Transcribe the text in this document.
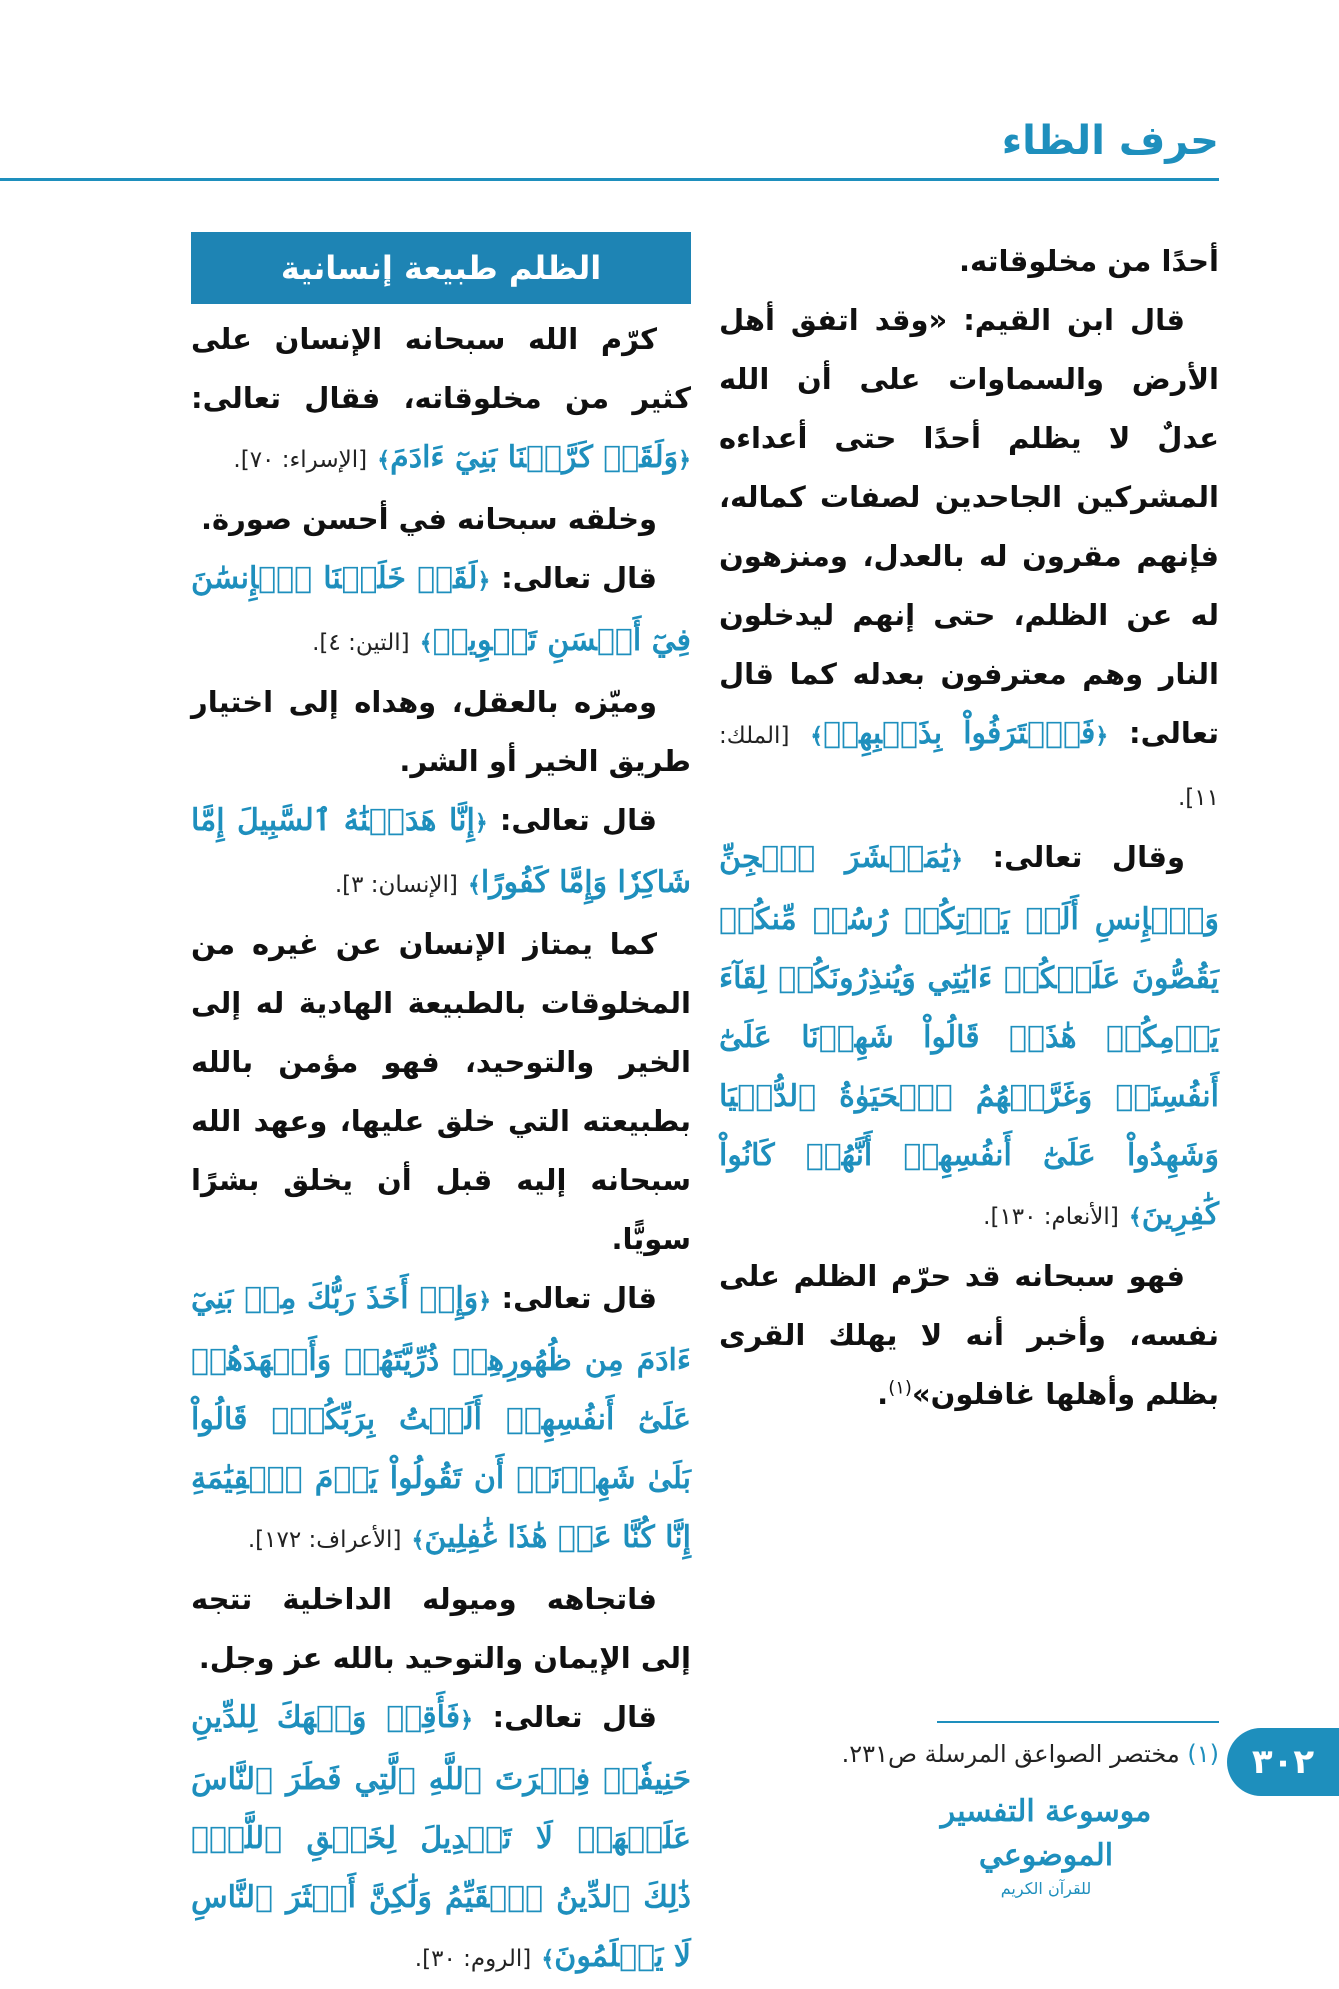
حرف الظاء

أحدًا من مخلوقاته.

قال ابن القيم: «وقد اتفق أهل الأرض والسماوات على أن الله عدلٌ لا يظلم أحدًا حتى أعداءه المشركين الجاحدين لصفات كماله، فإنهم مقرون له بالعدل، ومنزهون له عن الظلم، حتى إنهم ليدخلون النار وهم معترفون بعدله كما قال تعالى: ﴿فَٱعۡتَرَفُواْ بِذَنۢبِهِمۡ﴾ [الملك: ١١].

وقال تعالى: ﴿يَٰمَعۡشَرَ ٱلۡجِنِّ وَٱلۡإِنسِ أَلَمۡ يَأۡتِكُمۡ رُسُلٞ مِّنكُمۡ يَقُصُّونَ عَلَيۡكُمۡ ءَايَٰتِي وَيُنذِرُونَكُمۡ لِقَآءَ يَوۡمِكُمۡ هَٰذَاۚ قَالُواْ شَهِدۡنَا عَلَىٰٓ أَنفُسِنَاۖ وَغَرَّتۡهُمُ ٱلۡحَيَوٰةُ ٱلدُّنۡيَا وَشَهِدُواْ عَلَىٰٓ أَنفُسِهِمۡ أَنَّهُمۡ كَانُواْ كَٰفِرِينَ﴾ [الأنعام: ١٣٠].

فهو سبحانه قد حرّم الظلم على نفسه، وأخبر أنه لا يهلك القرى بظلم وأهلها غافلون»$^{(١)}$.

الظلم طبيعة إنسانية

كرّم الله سبحانه الإنسان على كثير من مخلوقاته، فقال تعالى: ﴿وَلَقَدۡ كَرَّمۡنَا بَنِيٓ ءَادَمَ﴾ [الإسراء: ٧٠].

وخلقه سبحانه في أحسن صورة.

قال تعالى: ﴿لَقَدۡ خَلَقۡنَا ٱلۡإِنسَٰنَ فِيٓ أَحۡسَنِ تَقۡوِيمٖ﴾ [التين: ٤].

وميّزه بالعقل، وهداه إلى اختيار طريق الخير أو الشر.

قال تعالى: ﴿إِنَّا هَدَيۡنَٰهُ ٱلسَّبِيلَ إِمَّا شَاكِرٗا وَإِمَّا كَفُورًا﴾ [الإنسان: ٣].

كما يمتاز الإنسان عن غيره من المخلوقات بالطبيعة الهادية له إلى الخير والتوحيد، فهو مؤمن بالله بطبيعته التي خلق عليها، وعهد الله سبحانه إليه قبل أن يخلق بشرًا سويًّا.

قال تعالى: ﴿وَإِذۡ أَخَذَ رَبُّكَ مِنۢ بَنِيٓ ءَادَمَ مِن ظُهُورِهِمۡ ذُرِّيَّتَهُمۡ وَأَشۡهَدَهُمۡ عَلَىٰٓ أَنفُسِهِمۡ أَلَسۡتُ بِرَبِّكُمۡۖ قَالُواْ بَلَىٰ شَهِدۡنَآۚ أَن تَقُولُواْ يَوۡمَ ٱلۡقِيَٰمَةِ إِنَّا كُنَّا عَنۡ هَٰذَا غَٰفِلِينَ﴾ [الأعراف: ١٧٢].

فاتجاهه وميوله الداخلية تتجه إلى الإيمان والتوحيد بالله عز وجل.

قال تعالى: ﴿فَأَقِمۡ وَجۡهَكَ لِلدِّينِ حَنِيفٗاۚ فِطۡرَتَ ٱللَّهِ ٱلَّتِي فَطَرَ ٱلنَّاسَ عَلَيۡهَاۚ لَا تَبۡدِيلَ لِخَلۡقِ ٱللَّهِۚ ذَٰلِكَ ٱلدِّينُ ٱلۡقَيِّمُ وَلَٰكِنَّ أَكۡثَرَ ٱلنَّاسِ لَا يَعۡلَمُونَ﴾ [الروم: ٣٠].

(١) مختصر الصواعق المرسلة ص٢٣١.	٣٠٢
موسوعة التفسير الموضوعي
للقرآن الكريم
